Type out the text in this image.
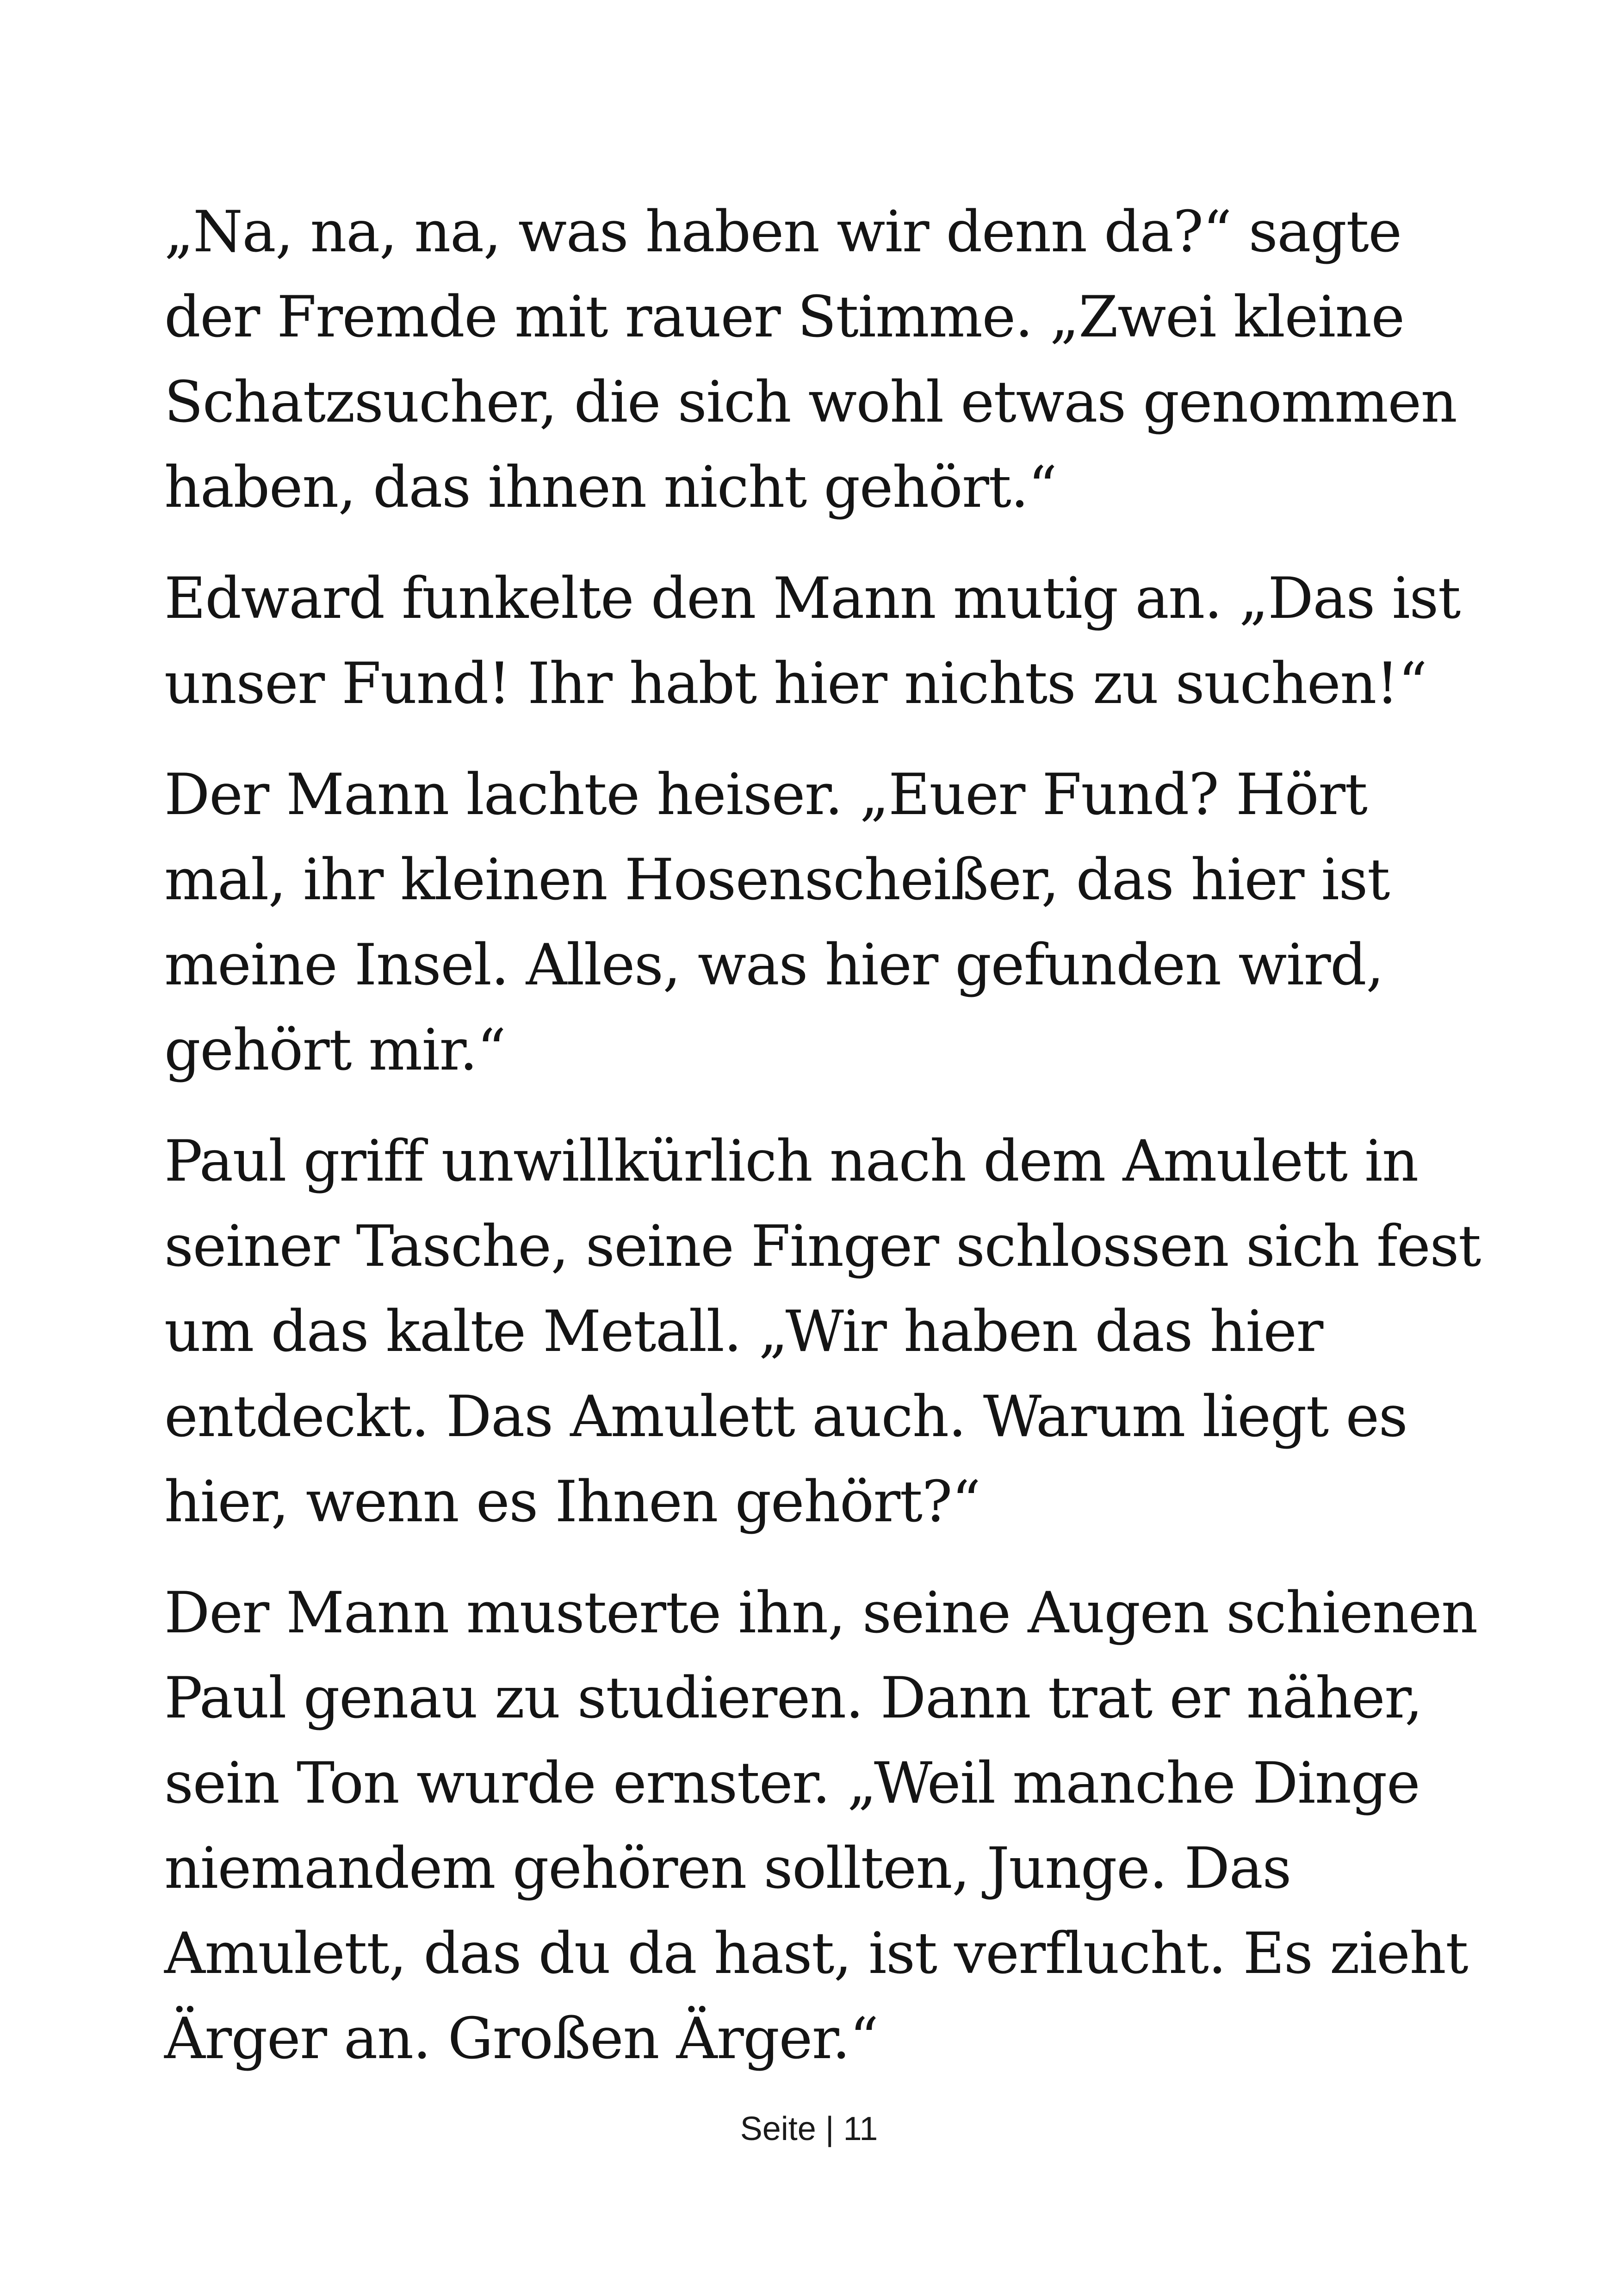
„Na, na, na, was haben wir denn da?“ sagte
der Fremde mit rauer Stimme. „Zwei kleine
Schatzsucher, die sich wohl etwas genommen
haben, das ihnen nicht gehört.“

Edward funkelte den Mann mutig an. „Das ist
unser Fund! Ihr habt hier nichts zu suchen!“

Der Mann lachte heiser. „Euer Fund? Hört
mal, ihr kleinen Hosenscheißer, das hier ist
meine Insel. Alles, was hier gefunden wird,
gehört mir.“

Paul griff unwillkürlich nach dem Amulett in
seiner Tasche, seine Finger schlossen sich fest
um das kalte Metall. „Wir haben das hier
entdeckt. Das Amulett auch. Warum liegt es
hier, wenn es Ihnen gehört?“

Der Mann musterte ihn, seine Augen schienen
Paul genau zu studieren. Dann trat er näher,
sein Ton wurde ernster. „Weil manche Dinge
niemandem gehören sollten, Junge. Das
Amulett, das du da hast, ist verflucht. Es zieht
Ärger an. Großen Ärger.“

Seite | 11
